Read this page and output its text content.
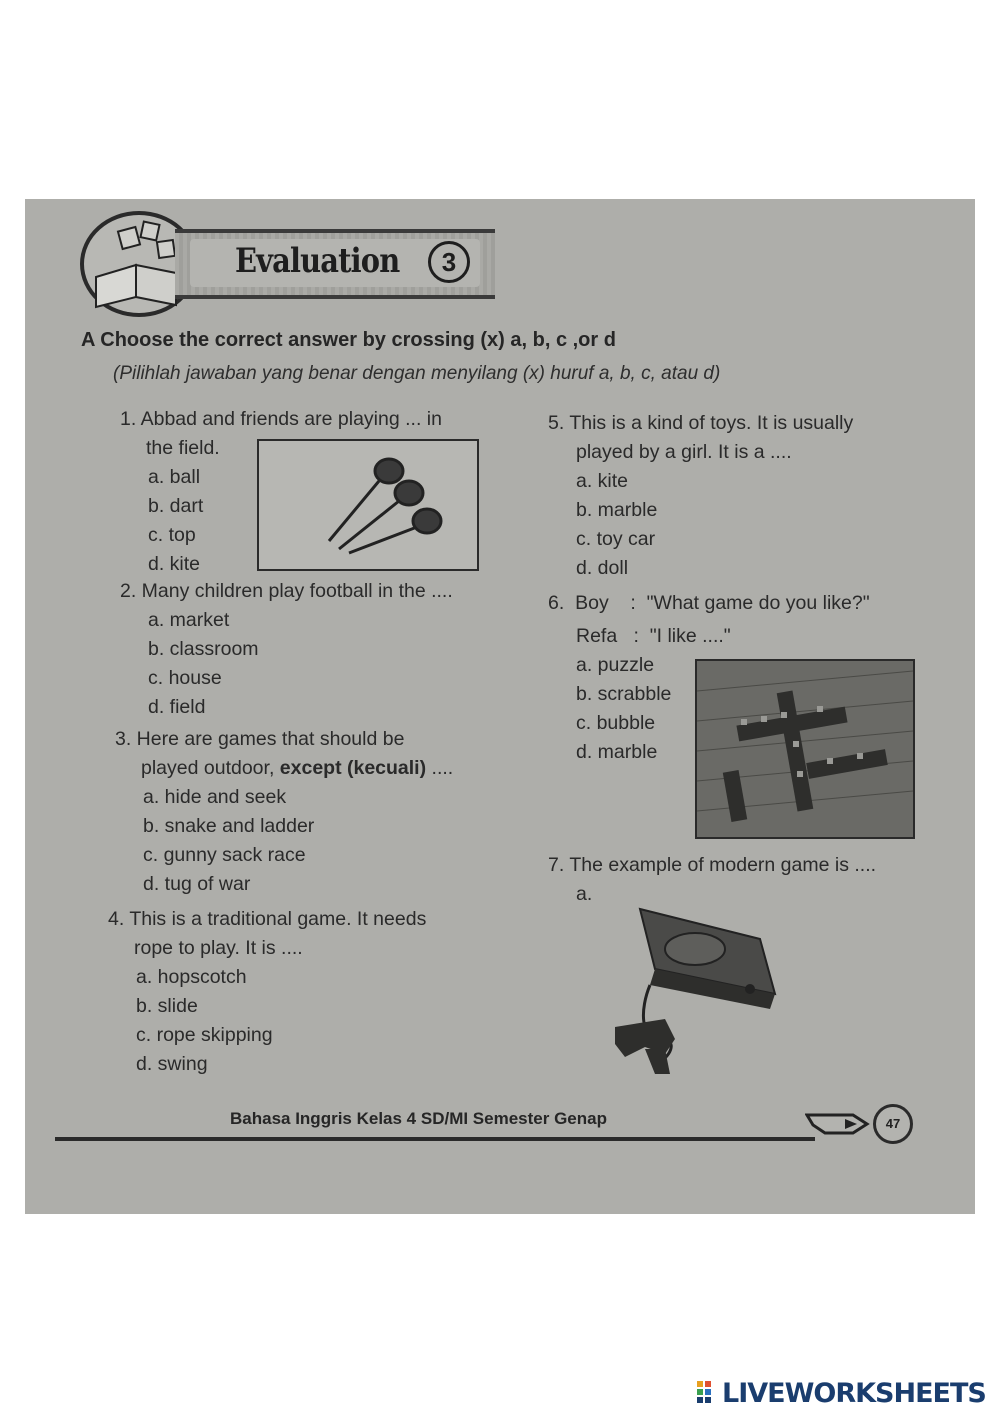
Evaluation	3
A Choose the correct answer by crossing (x) a, b, c ,or d
(Pilihlah jawaban yang benar dengan menyilang (x) huruf a, b, c, atau d)
1. Abbad and friends are playing ... in
the field.
a. ball
b. dart
c. top
d. kite
2. Many children play football in the ....
a. market
b. classroom
c. house
d. field
3. Here are games that should be
played outdoor, except (kecuali) ....
a. hide and seek
b. snake and ladder
c. gunny sack race
d. tug of war
4. This is a traditional game. It needs
rope to play. It is ....
a. hopscotch
b. slide
c. rope skipping
d. swing
5. This is a kind of toys. It is usually
played by a girl. It is a ....
a. kite
b. marble
c. toy car
d. doll
6.  Boy    :  "What game do you like?"
Refa   :  "I like ...."
a. puzzle
b. scrabble
c. bubble
d. marble
7. The example of modern game is ....
a.
Bahasa Inggris Kelas 4 SD/MI Semester Genap	47
LIVEWORKSHEETS
